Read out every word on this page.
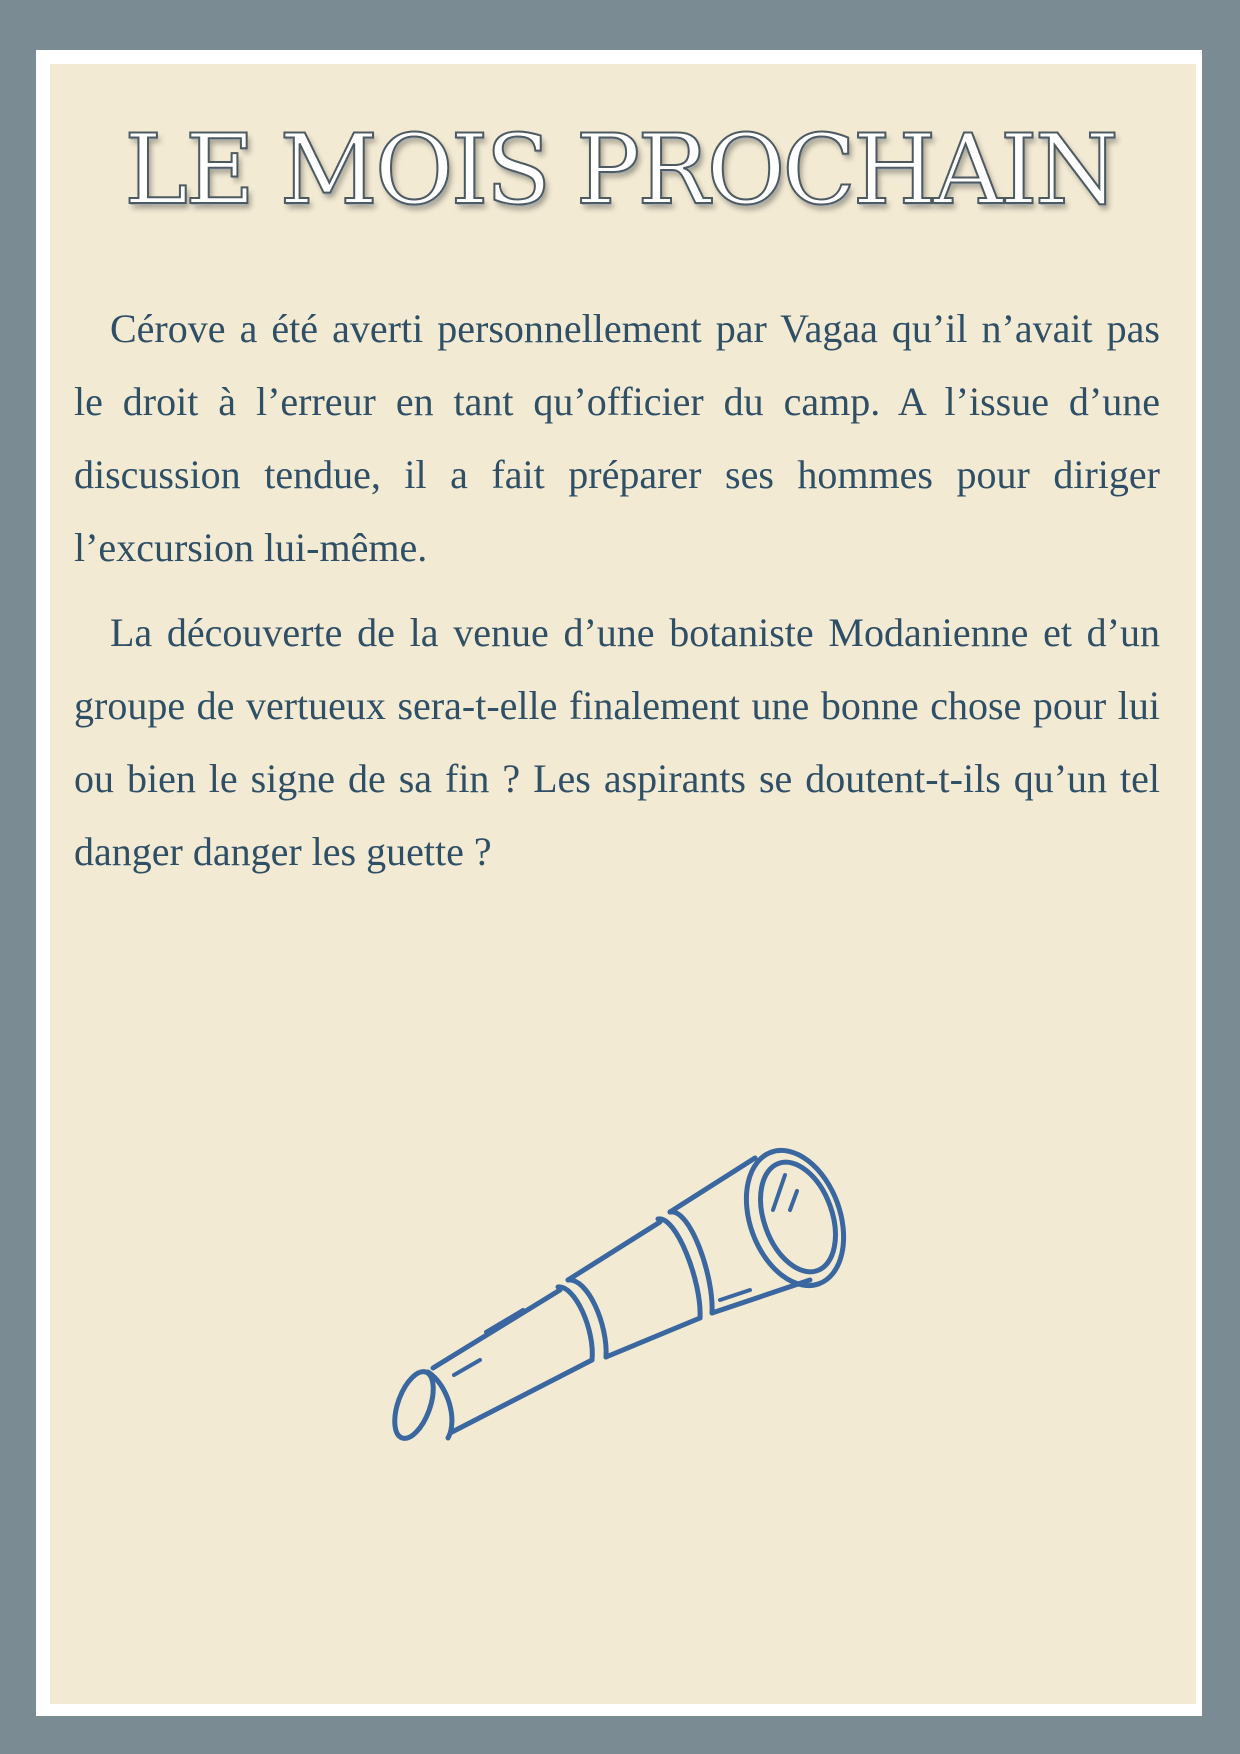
LE MOIS PROCHAIN

Cérove a été averti personnellement par Vagaa qu’il n’avait pas le droit à l’erreur en tant qu’officier du camp. A l’issue d’une discussion tendue, il a fait préparer ses hommes pour diriger l’excursion lui-même.

La découverte de la venue d’une botaniste Modanienne et d’un groupe de vertueux sera-t-elle finalement une bonne chose pour lui ou bien le signe de sa fin ? Les aspirants se doutent-t-ils qu’un tel danger danger les guette ?
